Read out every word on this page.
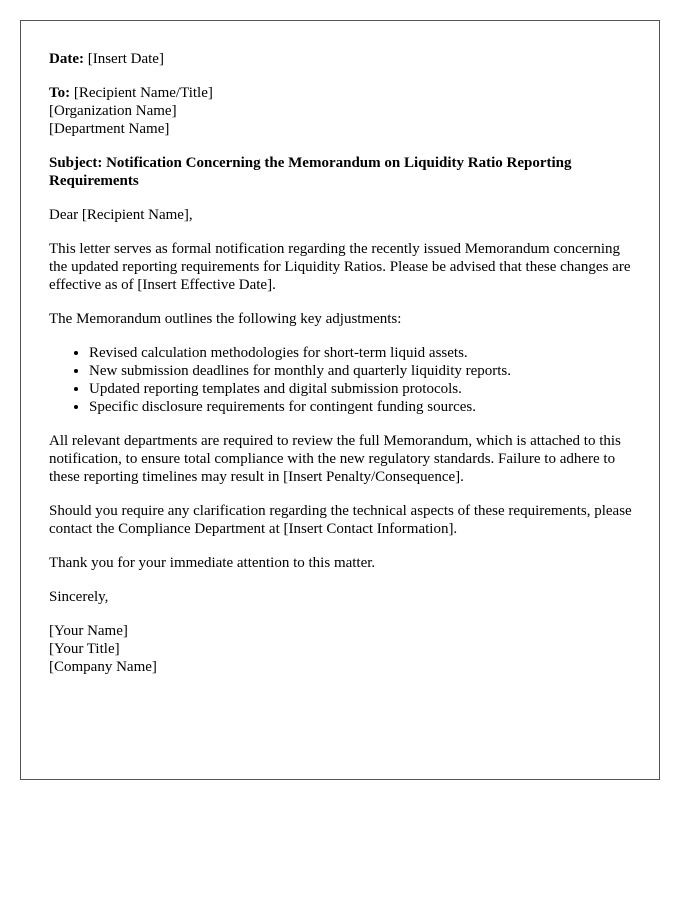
Date: [Insert Date]

To: [Recipient Name/Title]
[Organization Name]
[Department Name]

Subject: Notification Concerning the Memorandum on Liquidity Ratio Reporting Requirements

Dear [Recipient Name],

This letter serves as formal notification regarding the recently issued Memorandum concerning the updated reporting requirements for Liquidity Ratios. Please be advised that these changes are effective as of [Insert Effective Date].

The Memorandum outlines the following key adjustments:

• Revised calculation methodologies for short-term liquid assets.
• New submission deadlines for monthly and quarterly liquidity reports.
• Updated reporting templates and digital submission protocols.
• Specific disclosure requirements for contingent funding sources.

All relevant departments are required to review the full Memorandum, which is attached to this notification, to ensure total compliance with the new regulatory standards. Failure to adhere to these reporting timelines may result in [Insert Penalty/Consequence].

Should you require any clarification regarding the technical aspects of these requirements, please contact the Compliance Department at [Insert Contact Information].

Thank you for your immediate attention to this matter.

Sincerely,

[Your Name]
[Your Title]
[Company Name]
